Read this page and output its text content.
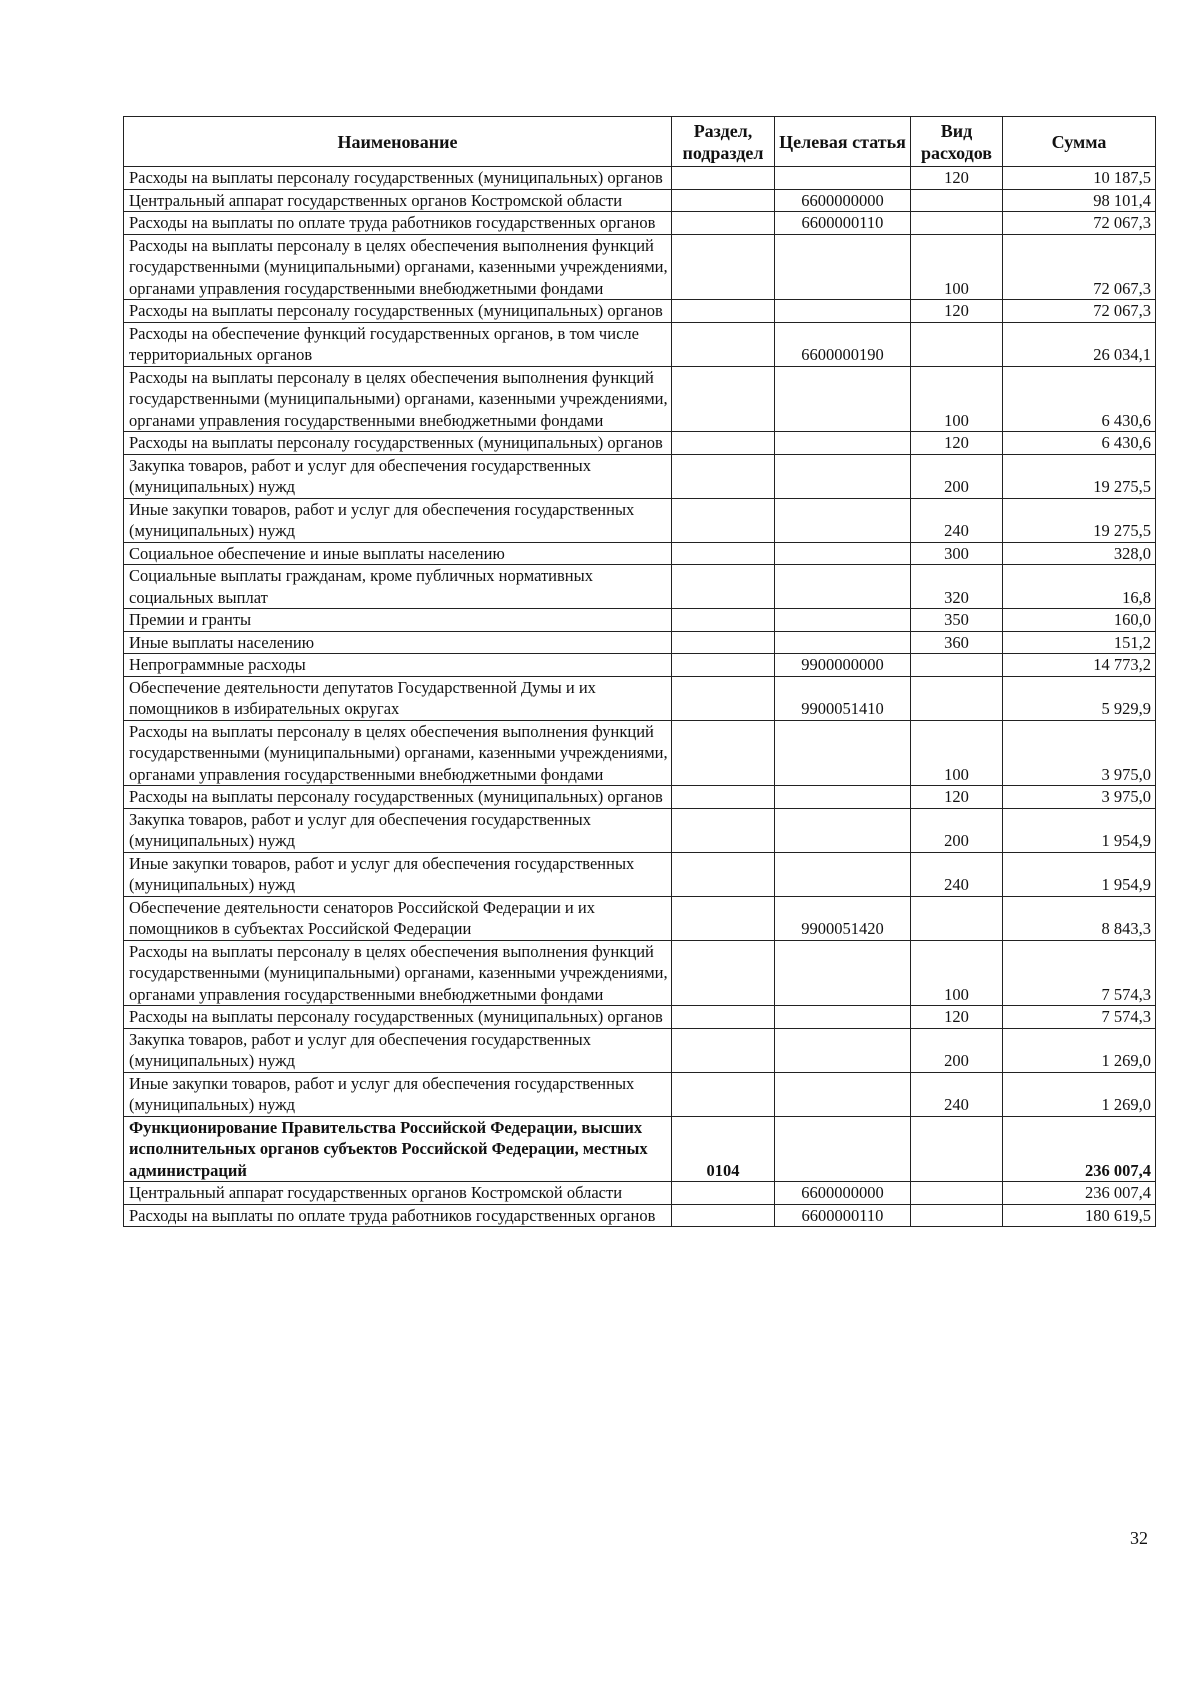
Наименование	Раздел, подраздел	Целевая статья	Вид расходов	Сумма
Расходы на выплаты персоналу государственных (муниципальных) органов			120	10 187,5
Центральный аппарат государственных органов Костромской области		6600000000		98 101,4
Расходы на выплаты по оплате труда работников государственных органов		6600000110		72 067,3
Расходы на выплаты персоналу в целях обеспечения выполнения функций государственными (муниципальными) органами, казенными учреждениями, органами управления государственными внебюджетными фондами			100	72 067,3
Расходы на выплаты персоналу государственных (муниципальных) органов			120	72 067,3
Расходы на обеспечение функций государственных органов, в том числе территориальных органов		6600000190		26 034,1
Расходы на выплаты персоналу в целях обеспечения выполнения функций государственными (муниципальными) органами, казенными учреждениями, органами управления государственными внебюджетными фондами			100	6 430,6
Расходы на выплаты персоналу государственных (муниципальных) органов			120	6 430,6
Закупка товаров, работ и услуг для обеспечения государственных (муниципальных) нужд			200	19 275,5
Иные закупки товаров, работ и услуг для обеспечения государственных (муниципальных) нужд			240	19 275,5
Социальное обеспечение и иные выплаты населению			300	328,0
Социальные выплаты гражданам, кроме публичных нормативных социальных выплат			320	16,8
Премии и гранты			350	160,0
Иные выплаты населению			360	151,2
Непрограммные расходы		9900000000		14 773,2
Обеспечение деятельности депутатов Государственной Думы и их помощников в избирательных округах		9900051410		5 929,9
Расходы на выплаты персоналу в целях обеспечения выполнения функций государственными (муниципальными) органами, казенными учреждениями, органами управления государственными внебюджетными фондами			100	3 975,0
Расходы на выплаты персоналу государственных (муниципальных) органов			120	3 975,0
Закупка товаров, работ и услуг для обеспечения государственных (муниципальных) нужд			200	1 954,9
Иные закупки товаров, работ и услуг для обеспечения государственных (муниципальных) нужд			240	1 954,9
Обеспечение деятельности сенаторов Российской Федерации и их помощников в субъектах Российской Федерации		9900051420		8 843,3
Расходы на выплаты персоналу в целях обеспечения выполнения функций государственными (муниципальными) органами, казенными учреждениями, органами управления государственными внебюджетными фондами			100	7 574,3
Расходы на выплаты персоналу государственных (муниципальных) органов			120	7 574,3
Закупка товаров, работ и услуг для обеспечения государственных (муниципальных) нужд			200	1 269,0
Иные закупки товаров, работ и услуг для обеспечения государственных (муниципальных) нужд			240	1 269,0
Функционирование Правительства Российской Федерации, высших исполнительных органов субъектов Российской Федерации, местных администраций	0104			236 007,4
Центральный аппарат государственных органов Костромской области		6600000000		236 007,4
Расходы на выплаты по оплате труда работников государственных органов		6600000110		180 619,5
32
